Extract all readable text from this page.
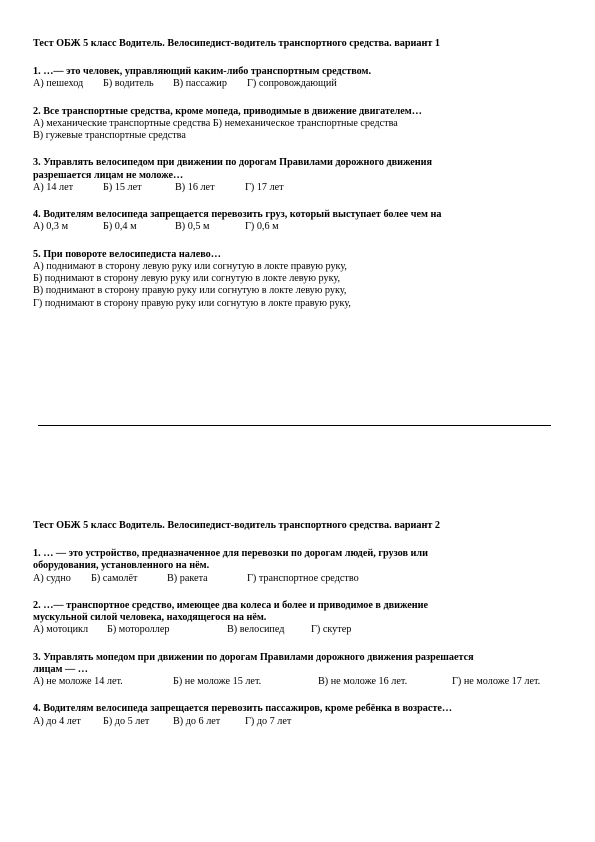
Тест ОБЖ 5 класс Водитель. Велосипедист-водитель транспортного средства. вариант 1

1. …— это человек, управляющий каким-либо транспортным средством.

А) пешеход	Б) водитель	В) пассажир	Г) сопровождающий

2. Все транспортные средства, кроме мопеда, приводимые в движение двигателем…

А) механические транспортные средства Б) немеханическое транспортные средства

В) гужевые транспортные средства

3. Управлять велосипедом при движении по дорогам Правилами дорожного движения

разрешается лицам не моложе…

А) 14 лет	Б) 15 лет	В) 16 лет	Г) 17 лет

4. Водителям велосипеда запрещается перевозить груз, который выступает более чем на

А) 0,3 м	Б) 0,4 м	В) 0,5 м	Г) 0,6 м

5. При повороте велосипедиста налево…

А) поднимают в сторону левую руку или согнутую в локте правую руку,

Б) поднимают в сторону левую руку или согнутую в локте левую руку,

В) поднимают в сторону правую руку или согнутую в локте левую руку,

Г) поднимают в сторону правую руку или согнутую в локте правую руку,

Тест ОБЖ 5 класс Водитель. Велосипедист-водитель транспортного средства. вариант 2

1. … — это устройство, предназначенное для перевозки по дорогам людей, грузов или

оборудования, установленного на нём.

А) судно	Б) самолёт	В) ракета	Г) транспортное средство

2. …— транспортное средство, имеющее два колеса и более и приводимое в движение

мускульной силой человека, находящегося на нём.

А) мотоцикл	Б) мотороллер	В) велосипед	Г) скутер

3. Управлять мопедом при движении по дорогам Правилами дорожного движения разрешается

лицам — …

А) не моложе 14 лет.	Б) не моложе 15 лет.	В) не моложе 16 лет.	Г) не моложе 17 лет.

4. Водителям велосипеда запрещается перевозить пассажиров, кроме ребёнка в возрасте…

А) до 4 лет	Б) до 5 лет	В) до 6 лет	Г) до 7 лет
